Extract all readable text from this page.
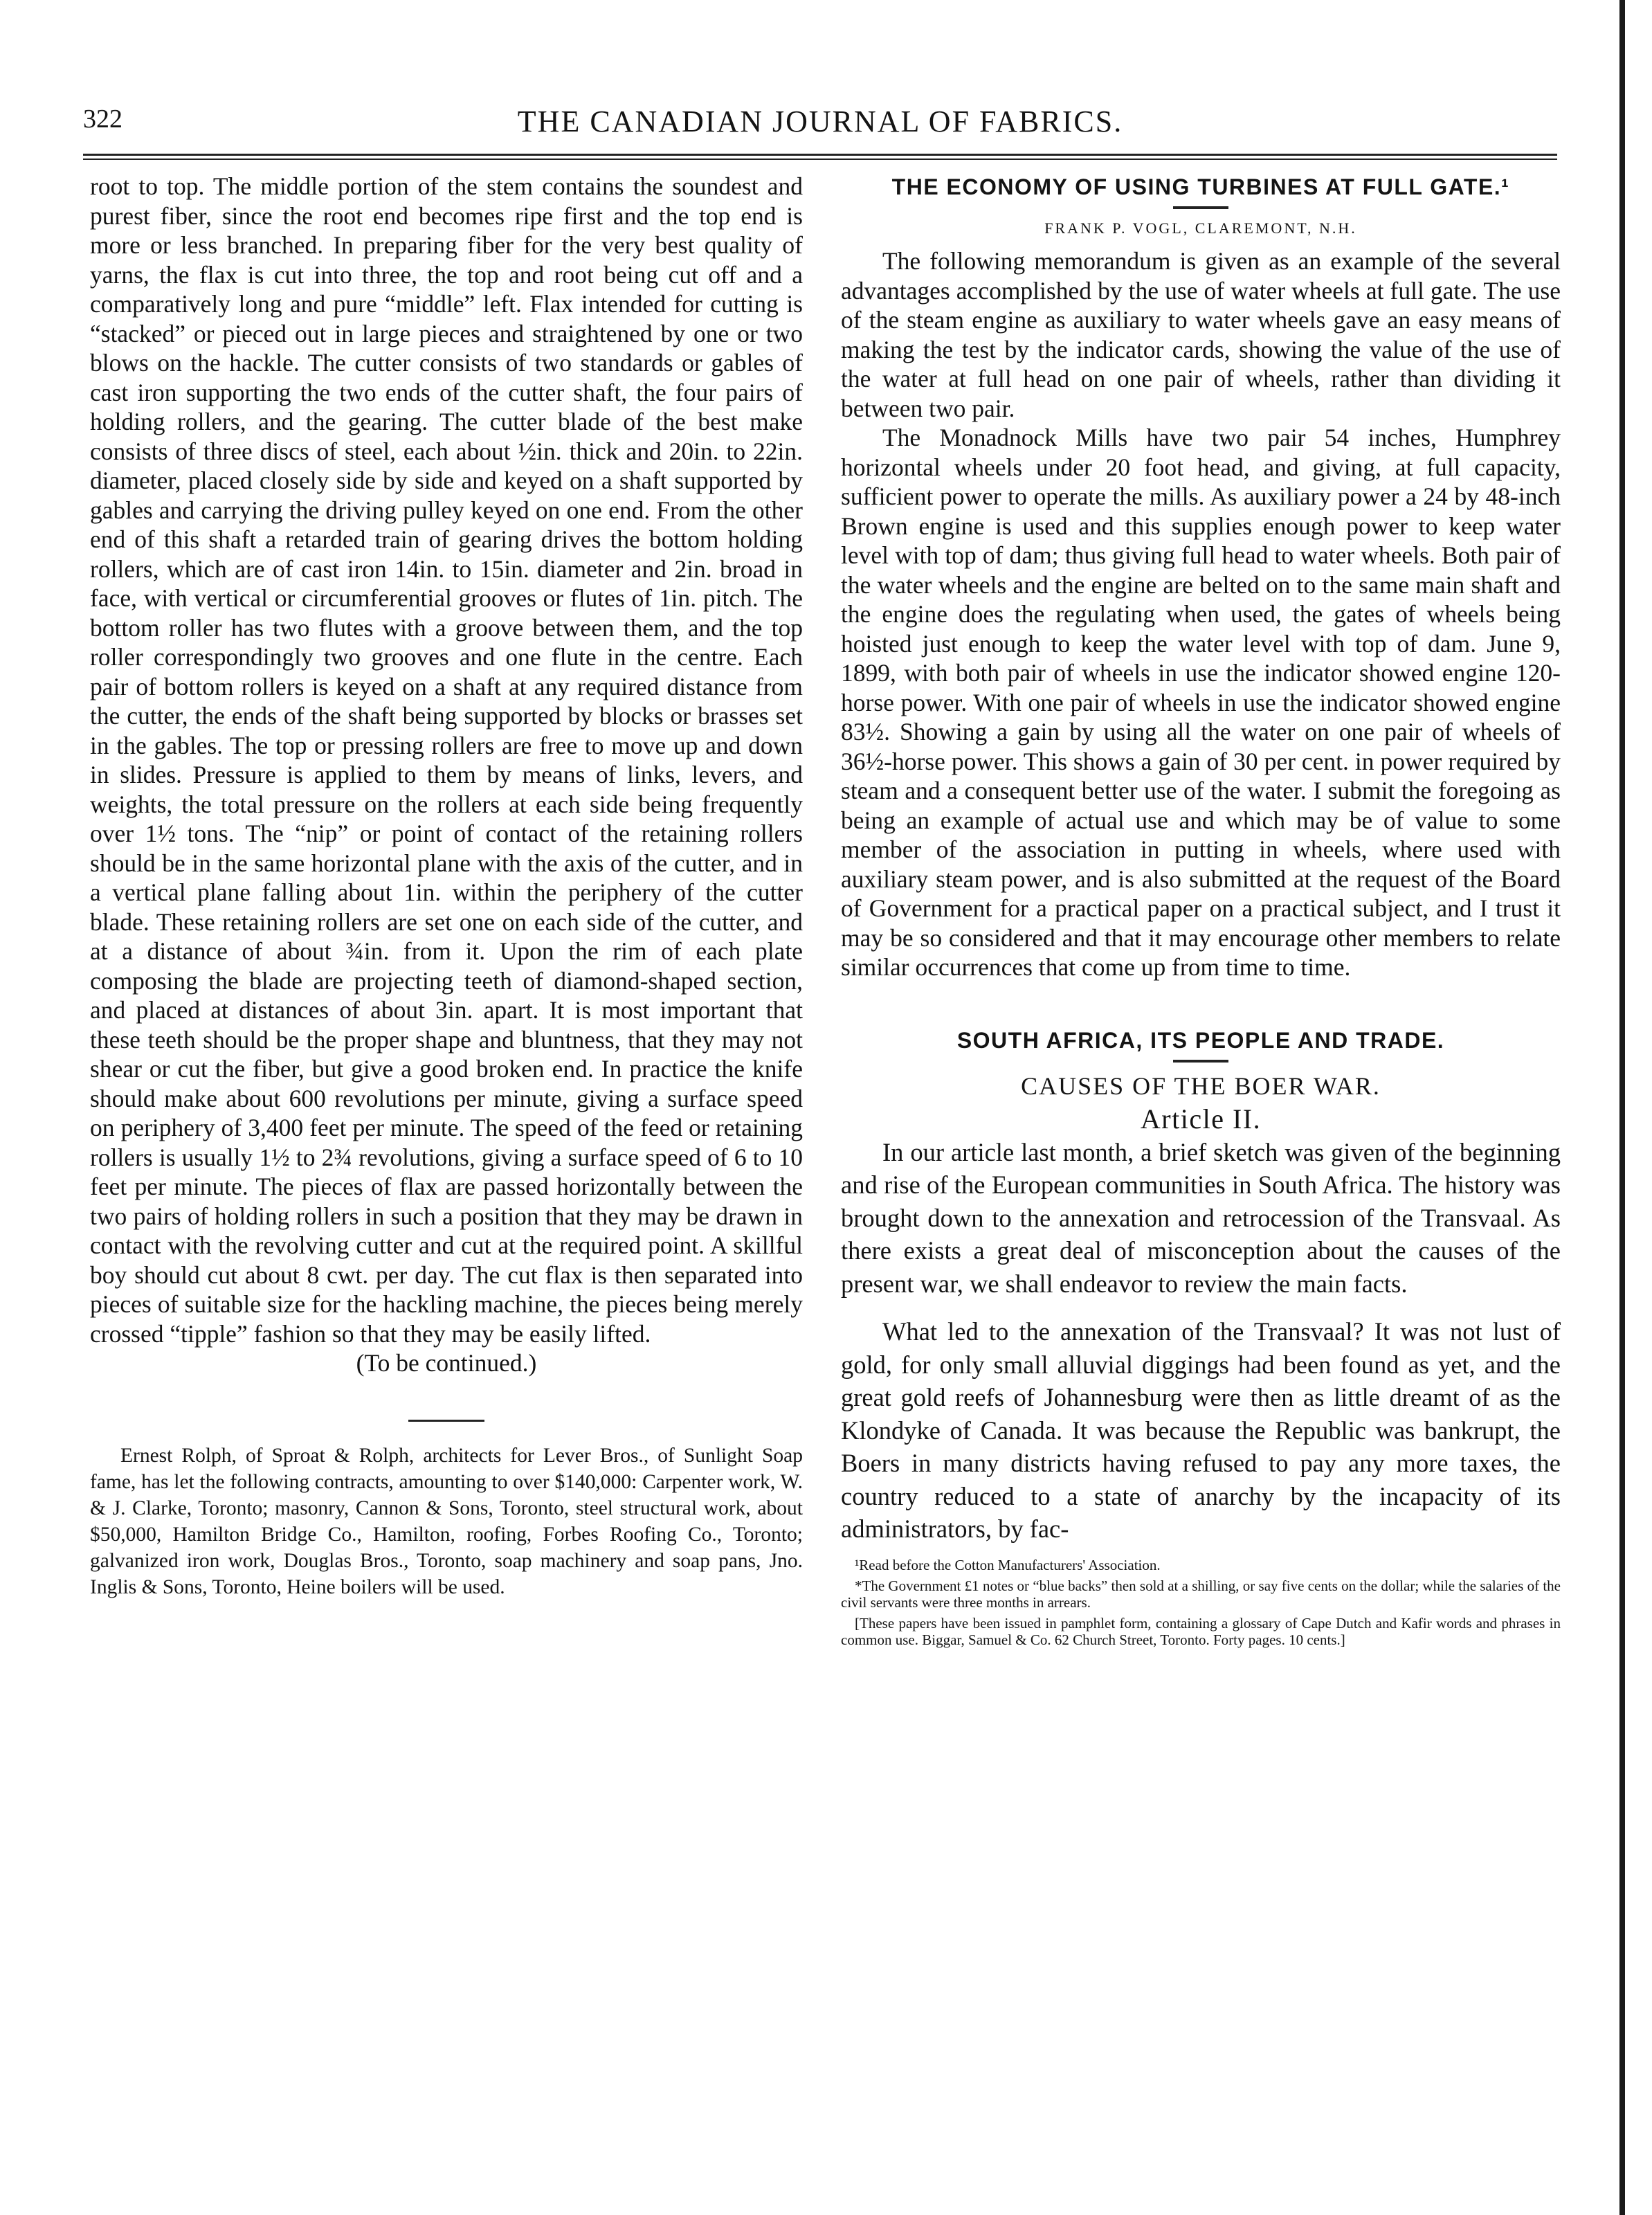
322	THE CANADIAN JOURNAL OF FABRICS.

root to top. The middle portion of the stem contains the soundest and purest fiber, since the root end becomes ripe first and the top end is more or less branched. In preparing fiber for the very best quality of yarns, the flax is cut into three, the top and root being cut off and a comparatively long and pure “middle” left. Flax intended for cutting is “stacked” or pieced out in large pieces and straightened by one or two blows on the hackle. The cutter consists of two standards or gables of cast iron supporting the two ends of the cutter shaft, the four pairs of holding rollers, and the gearing. The cutter blade of the best make consists of three discs of steel, each about ½in. thick and 20in. to 22in. diameter, placed closely side by side and keyed on a shaft supported by gables and carrying the driving pulley keyed on one end. From the other end of this shaft a retarded train of gearing drives the bottom holding rollers, which are of cast iron 14in. to 15in. diameter and 2in. broad in face, with vertical or circumferential grooves or flutes of 1in. pitch. The bottom roller has two flutes with a groove between them, and the top roller correspondingly two grooves and one flute in the centre. Each pair of bottom rollers is keyed on a shaft at any required distance from the cutter, the ends of the shaft being supported by blocks or brasses set in the gables. The top or pressing rollers are free to move up and down in slides. Pressure is applied to them by means of links, levers, and weights, the total pressure on the rollers at each side being frequently over 1½ tons. The “nip” or point of contact of the retaining rollers should be in the same horizontal plane with the axis of the cutter, and in a vertical plane falling about 1in. within the periphery of the cutter blade. These retaining rollers are set one on each side of the cutter, and at a distance of about ¾in. from it. Upon the rim of each plate composing the blade are projecting teeth of diamond-shaped section, and placed at distances of about 3in. apart. It is most important that these teeth should be the proper shape and bluntness, that they may not shear or cut the fiber, but give a good broken end. In practice the knife should make about 600 revolutions per minute, giving a surface speed on periphery of 3,400 feet per minute. The speed of the feed or retaining rollers is usually 1½ to 2¾ revolutions, giving a surface speed of 6 to 10 feet per minute. The pieces of flax are passed horizontally between the two pairs of holding rollers in such a position that they may be drawn in contact with the revolving cutter and cut at the required point. A skillful boy should cut about 8 cwt. per day. The cut flax is then separated into pieces of suitable size for the hackling machine, the pieces being merely crossed “tipple” fashion so that they may be easily lifted.

(To be continued.)

Ernest Rolph, of Sproat & Rolph, architects for Lever Bros., of Sunlight Soap fame, has let the following contracts, amounting to over $140,000: Carpenter work, W. & J. Clarke, Toronto; masonry, Cannon & Sons, Toronto, steel structural work, about $50,000, Hamilton Bridge Co., Hamilton, roofing, Forbes Roofing Co., Toronto; galvanized iron work, Douglas Bros., Toronto, soap machinery and soap pans, Jno. Inglis & Sons, Toronto, Heine boilers will be used.

THE ECONOMY OF USING TURBINES AT FULL GATE.¹
FRANK P. VOGL, CLAREMONT, N.H.

The following memorandum is given as an example of the several advantages accomplished by the use of water wheels at full gate. The use of the steam engine as auxiliary to water wheels gave an easy means of making the test by the indicator cards, showing the value of the use of the water at full head on one pair of wheels, rather than dividing it between two pair.

The Monadnock Mills have two pair 54 inches, Humphrey horizontal wheels under 20 foot head, and giving, at full capacity, sufficient power to operate the mills. As auxiliary power a 24 by 48-inch Brown engine is used and this supplies enough power to keep water level with top of dam; thus giving full head to water wheels. Both pair of the water wheels and the engine are belted on to the same main shaft and the engine does the regulating when used, the gates of wheels being hoisted just enough to keep the water level with top of dam. June 9, 1899, with both pair of wheels in use the indicator showed engine 120-horse power. With one pair of wheels in use the indicator showed engine 83½. Showing a gain by using all the water on one pair of wheels of 36½-horse power. This shows a gain of 30 per cent. in power required by steam and a consequent better use of the water. I submit the foregoing as being an example of actual use and which may be of value to some member of the association in putting in wheels, where used with auxiliary steam power, and is also submitted at the request of the Board of Government for a practical paper on a practical subject, and I trust it may be so considered and that it may encourage other members to relate similar occurrences that come up from time to time.

SOUTH AFRICA, ITS PEOPLE AND TRADE.
CAUSES OF THE BOER WAR.
Article II.

In our article last month, a brief sketch was given of the beginning and rise of the European communities in South Africa. The history was brought down to the annexation and retrocession of the Transvaal. As there exists a great deal of misconception about the causes of the present war, we shall endeavor to review the main facts.

What led to the annexation of the Transvaal? It was not lust of gold, for only small alluvial diggings had been found as yet, and the great gold reefs of Johannesburg were then as little dreamt of as the Klondyke of Canada. It was because the Republic was bankrupt, the Boers in many districts having refused to pay any more taxes, the country reduced to a state of anarchy by the incapacity of its administrators, by fac-

¹Read before the Cotton Manufacturers' Association.

*The Government £1 notes or “blue backs” then sold at a shilling, or say five cents on the dollar; while the salaries of the civil servants were three months in arrears.

[These papers have been issued in pamphlet form, containing a glossary of Cape Dutch and Kafir words and phrases in common use. Biggar, Samuel & Co. 62 Church Street, Toronto. Forty pages. 10 cents.]
